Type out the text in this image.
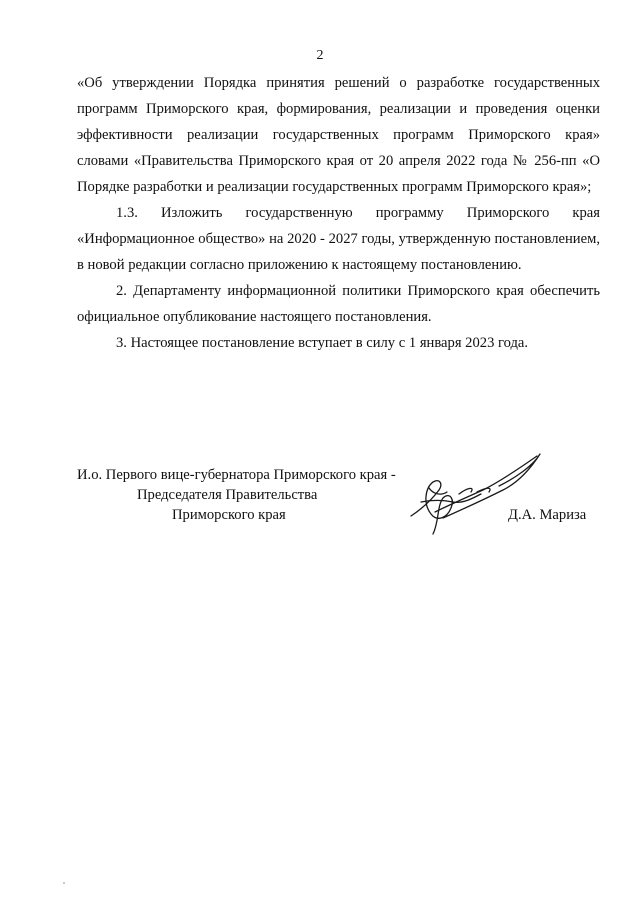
2

«Об утверждении Порядка принятия решений о разработке государственных программ Приморского края, формирования, реализации и проведения оценки эффективности реализации государственных программ Приморского края» словами «Правительства Приморского края от 20 апреля 2022 года № 256-пп «О Порядке разработки и реализации государственных программ Приморского края»;

1.3. Изложить государственную программу Приморского края «Информационное общество» на 2020 - 2027 годы, утвержденную постановлением, в новой редакции согласно приложению к настоящему постановлению.

2. Департаменту информационной политики Приморского края обеспечить официальное опубликование настоящего постановления.

3. Настоящее постановление вступает в силу с 1 января 2023 года.

И.о. Первого вице-губернатора Приморского края -
Председателя Правительства
Приморского края	Д.А. Мариза
